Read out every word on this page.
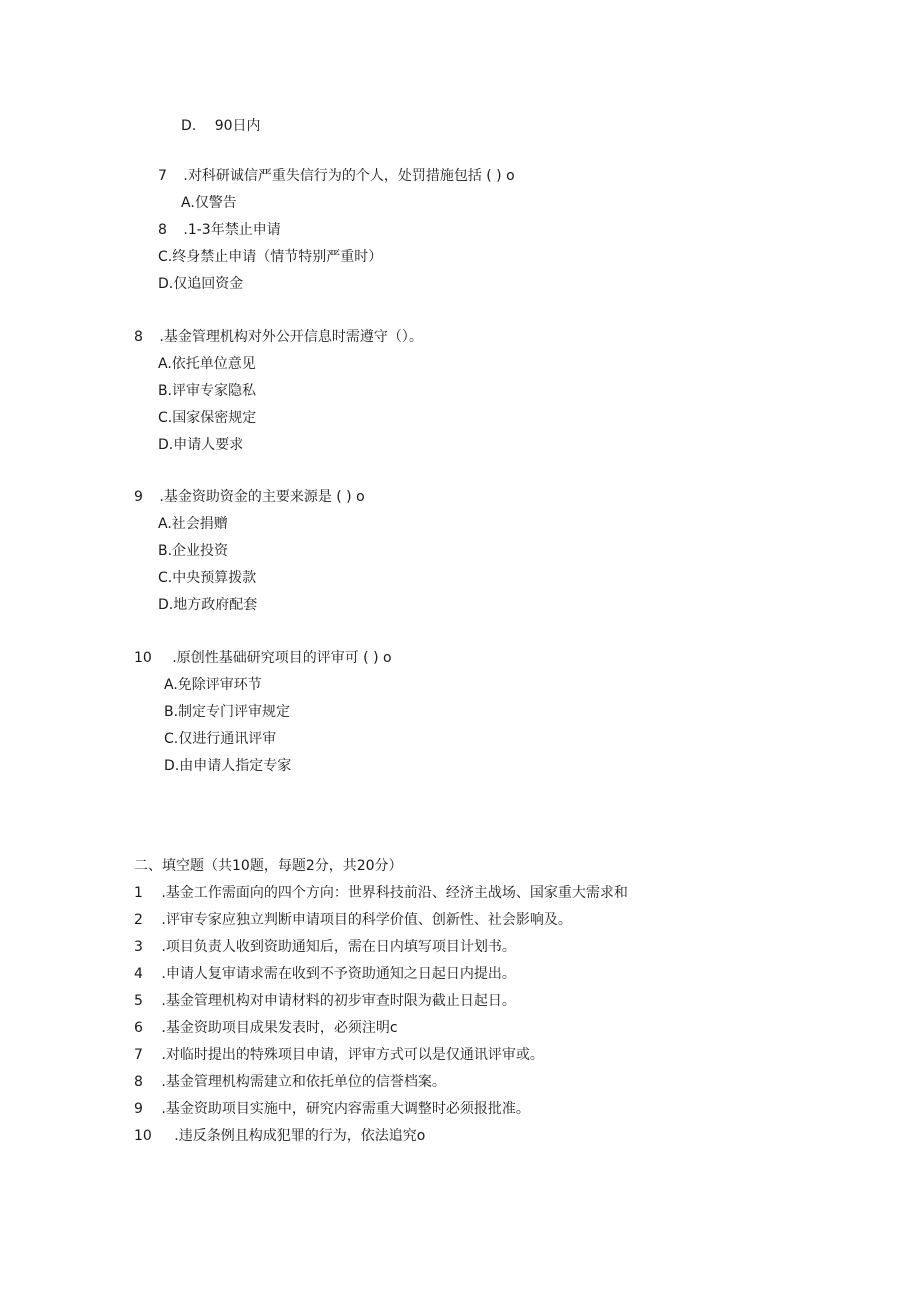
D. 90日内
7 .对科研诚信严重失信行为的个人，处罚措施包括 ( ) o
A.仅警告
8 .1-3年禁止申请
C.终身禁止申请（情节特别严重时）
D.仅追回资金
8 .基金管理机构对外公开信息时需遵守（）。
A.依托单位意见
B.评审专家隐私
C.国家保密规定
D.申请人要求
9 .基金资助资金的主要来源是 ( ) o
A.社会捐赠
B.企业投资
C.中央预算拨款
D.地方政府配套
10 .原创性基础研究项目的评审可 ( ) o
A.免除评审环节
B.制定专门评审规定
C.仅进行通讯评审
D.由申请人指定专家
二、填空题（共10题，每题2分，共20分）
1 .基金工作需面向的四个方向：世界科技前沿、经济主战场、国家重大需求和
2 .评审专家应独立判断申请项目的科学价值、创新性、社会影响及。
3 .项目负责人收到资助通知后，需在日内填写项目计划书。
4 .申请人复审请求需在收到不予资助通知之日起日内提出。
5 .基金管理机构对申请材料的初步审查时限为截止日起日。
6 .基金资助项目成果发表时，必须注明c
7 .对临时提出的特殊项目申请，评审方式可以是仅通讯评审或。
8 .基金管理机构需建立和依托单位的信誉档案。
9 .基金资助项目实施中，研究内容需重大调整时必须报批准。
10 .违反条例且构成犯罪的行为，依法追究o
